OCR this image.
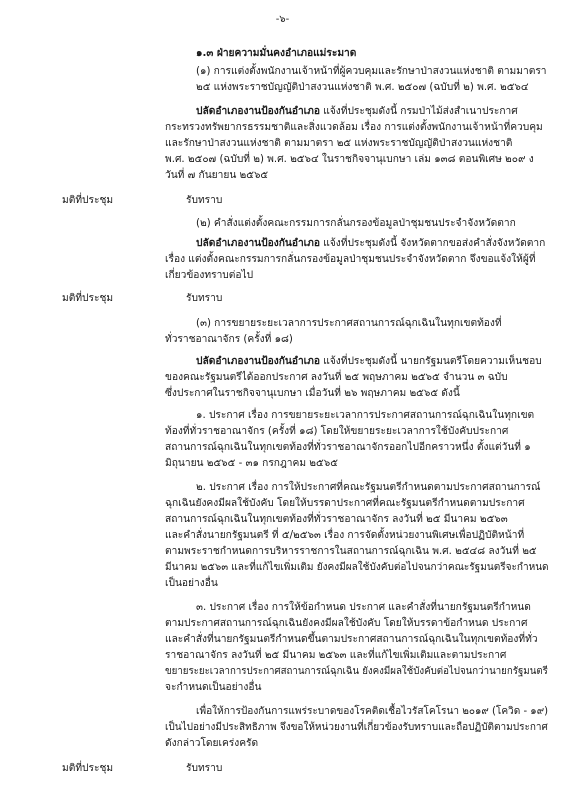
-๖-
๑.๓ ฝ่ายความมั่นคงอำเภอแม่ระมาด
(๑) การแต่งตั้งพนักงานเจ้าหน้าที่ผู้ควบคุมและรักษาป่าสงวนแห่งชาติ ตามมาตรา
๒๕ แห่งพระราชบัญญัติป่าสงวนแห่งชาติ พ.ศ. ๒๕๐๗ (ฉบับที่ ๒) พ.ศ. ๒๕๖๔
ปลัดอำเภองานป้องกันอำเภอ แจ้งที่ประชุมดังนี้ กรมป่าไม้ส่งสำเนาประกาศ
กระทรวงทรัพยากรธรรมชาติและสิ่งแวดล้อม เรื่อง การแต่งตั้งพนักงานเจ้าหน้าที่ควบคุม
และรักษาป่าสงวนแห่งชาติ ตามมาตรา ๒๕ แห่งพระราชบัญญัติป่าสงวนแห่งชาติ
พ.ศ. ๒๕๐๗ (ฉบับที่ ๒) พ.ศ. ๒๕๖๔ ในราชกิจจานุเบกษา เล่ม ๑๓๘ ตอนพิเศษ ๒๐๙ ง
วันที่ ๗ กันยายน ๒๕๖๕
มติที่ประชุม	รับทราบ
(๒) คำสั่งแต่งตั้งคณะกรรมการกลั่นกรองข้อมูลป่าชุมชนประจำจังหวัดตาก
ปลัดอำเภองานป้องกันอำเภอ แจ้งที่ประชุมดังนี้ จังหวัดตากขอส่งคำสั่งจังหวัดตาก
เรื่อง แต่งตั้งคณะกรรมการกลั่นกรองข้อมูลป่าชุมชนประจำจังหวัดตาก จึงขอแจ้งให้ผู้ที่
เกี่ยวข้องทราบต่อไป
มติที่ประชุม	รับทราบ
(๓) การขยายระยะเวลาการประกาศสถานการณ์ฉุกเฉินในทุกเขตท้องที่
ทั่วราชอาณาจักร (ครั้งที่ ๑๘)
ปลัดอำเภองานป้องกันอำเภอ แจ้งที่ประชุมดังนี้ นายกรัฐมนตรีโดยความเห็นชอบ
ของคณะรัฐมนตรีได้ออกประกาศ ลงวันที่ ๒๕ พฤษภาคม ๒๕๖๕ จำนวน ๓ ฉบับ
ซึ่งประกาศในราชกิจจานุเบกษา เมื่อวันที่ ๒๖ พฤษภาคม ๒๕๖๕ ดังนี้
๑. ประกาศ เรื่อง การขยายระยะเวลาการประกาศสถานการณ์ฉุกเฉินในทุกเขต
ท้องที่ทั่วราชอาณาจักร (ครั้งที่ ๑๘) โดยให้ขยายระยะเวลาการใช้บังคับประกาศ
สถานการณ์ฉุกเฉินในทุกเขตท้องที่ทั่วราชอาณาจักรออกไปอีกคราวหนึ่ง ตั้งแต่วันที่ ๑
มิถุนายน ๒๕๖๕ - ๓๑ กรกฎาคม ๒๕๖๕
๒. ประกาศ เรื่อง การให้ประกาศที่คณะรัฐมนตรีกำหนดตามประกาศสถานการณ์
ฉุกเฉินยังคงมีผลใช้บังคับ โดยให้บรรดาประกาศที่คณะรัฐมนตรีกำหนดตามประกาศ
สถานการณ์ฉุกเฉินในทุกเขตท้องที่ทั่วราชอาณาจักร ลงวันที่ ๒๕ มีนาคม ๒๕๖๓
และคำสั่งนายกรัฐมนตรี ที่ ๕/๒๕๖๓ เรื่อง การจัดตั้งหน่วยงานพิเศษเพื่อปฏิบัติหน้าที่
ตามพระราชกำหนดการบริหารราชการในสถานการณ์ฉุกเฉิน พ.ศ. ๒๕๔๘ ลงวันที่ ๒๕
มีนาคม ๒๕๖๓ และที่แก้ไขเพิ่มเติม ยังคงมีผลใช้บังคับต่อไปจนกว่าคณะรัฐมนตรีจะกำหนด
เป็นอย่างอื่น
๓. ประกาศ เรื่อง การให้ข้อกำหนด ประกาศ และคำสั่งที่นายกรัฐมนตรีกำหนด
ตามประกาศสถานการณ์ฉุกเฉินยังคงมีผลใช้บังคับ โดยให้บรรดาข้อกำหนด ประกาศ
และคำสั่งที่นายกรัฐมนตรีกำหนดขึ้นตามประกาศสถานการณ์ฉุกเฉินในทุกเขตท้องที่ทั่ว
ราชอาณาจักร ลงวันที่ ๒๕ มีนาคม ๒๕๖๓ และที่แก้ไขเพิ่มเติมและตามประกาศ
ขยายระยะเวลาการประกาศสถานการณ์ฉุกเฉิน ยังคงมีผลใช้บังคับต่อไปจนกว่านายกรัฐมนตรี
จะกำหนดเป็นอย่างอื่น
เพื่อให้การป้องกันการแพร่ระบาดของโรคติดเชื้อไวรัสโคโรนา ๒๐๑๙ (โควิด - ๑๙)
เป็นไปอย่างมีประสิทธิภาพ จึงขอให้หน่วยงานที่เกี่ยวข้องรับทราบและถือปฏิบัติตามประกาศ
ดังกล่าวโดยเคร่งครัด
มติที่ประชุม	รับทราบ
